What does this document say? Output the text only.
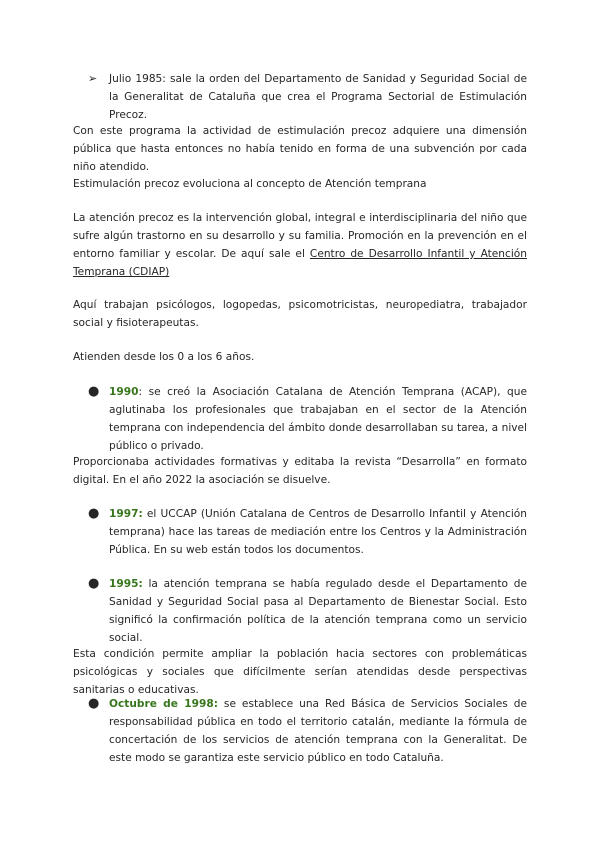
➢	Julio 1985: sale la orden del Departamento de Sanidad y Seguridad Social de la Generalitat de Cataluña que crea el Programa Sectorial de Estimulación Precoz.

Con este programa la actividad de estimulación precoz adquiere una dimensión pública que hasta entonces no había tenido en forma de una subvención por cada niño atendido.

Estimulación precoz evoluciona al concepto de Atención temprana

La atención precoz es la intervención global, integral e interdisciplinaria del niño que sufre algún trastorno en su desarrollo y su familia. Promoción en la prevención en el entorno familiar y escolar. De aquí sale el Centro de Desarrollo Infantil y Atención Temprana (CDIAP)

Aquí trabajan psicólogos, logopedas, psicomotricistas, neuropediatra, trabajador social y fisioterapeutas.

Atienden desde los 0 a los 6 años.

● 1990: se creó la Asociación Catalana de Atención Temprana (ACAP), que aglutinaba los profesionales que trabajaban en el sector de la Atención temprana con independencia del ámbito donde desarrollaban su tarea, a nivel público o privado.

Proporcionaba actividades formativas y editaba la revista “Desarrolla” en formato digital. En el año 2022 la asociación se disuelve.

● 1997: el UCCAP (Unión Catalana de Centros de Desarrollo Infantil y Atención temprana) hace las tareas de mediación entre los Centros y la Administración Pública. En su web están todos los documentos.
● 1995: la atención temprana se había regulado desde el Departamento de Sanidad y Seguridad Social pasa al Departamento de Bienestar Social. Esto significó la confirmación política de la atención temprana como un servicio social.

Esta condición permite ampliar la población hacia sectores con problemáticas psicológicas y sociales que difícilmente serían atendidas desde perspectivas sanitarias o educativas.

● Octubre de 1998: se establece una Red Básica de Servicios Sociales de responsabilidad pública en todo el territorio catalán, mediante la fórmula de concertación de los servicios de atención temprana con la Generalitat. De este modo se garantiza este servicio público en todo Cataluña.
